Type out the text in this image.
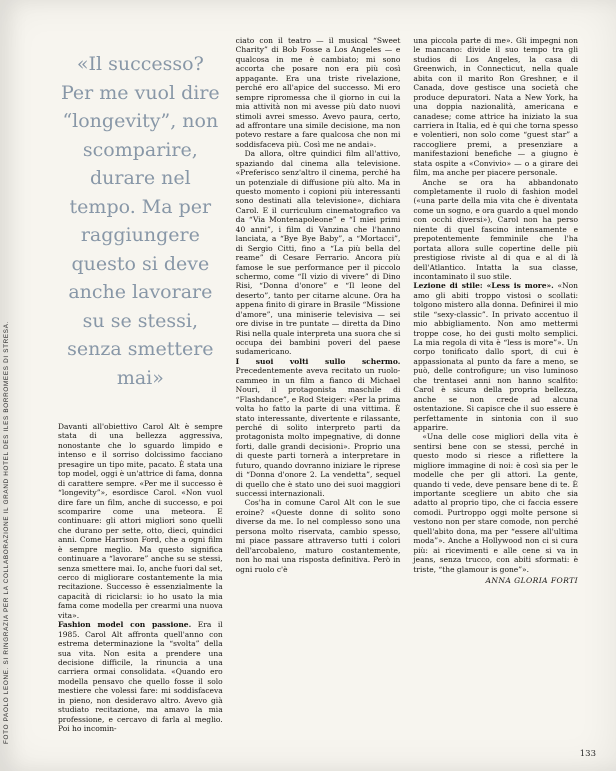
FOTO PAOLO LEONE. SI RINGRAZIA PER LA COLLABORAZIONE IL GRAND HOTEL DES ILES BORROMEES DI STRESA.
«Il successo? Per me vuol dire “longevity”, non scomparire, durare nel tempo. Ma per raggiungere questo si deve anche lavorare su se stessi, senza smettere mai»

Davanti all'obiettivo Carol Alt è sempre stata di una bellezza aggressiva, nonostante che lo sguardo limpido e intenso e il sorriso dolcissimo facciano presagire un tipo mite, pacato. È stata una top model, oggi è un'attrice di fama, donna di carattere sempre. «Per me il successo è “longevity”», esordisce Carol. «Non vuol dire fare un film, anche di successo, e poi scomparire come una meteora. E continuare: gli attori migliori sono quelli che durano per sette, otto, dieci, quindici anni. Come Harrison Ford, che a ogni film è sempre meglio. Ma questo significa continuare a “lavorare” anche su se stessi, senza smettere mai. Io, anche fuori dal set, cerco di migliorare costantemente la mia recitazione. Successo è essenzialmente la capacità di riciclarsi: io ho usato la mia fama come modella per crearmi una nuova vita».

Fashion model con passione. Era il 1985. Carol Alt affronta quell'anno con estrema determinazione la “svolta” della sua vita. Non esita a prendere una decisione difficile, la rinuncia a una carriera ormai consolidata. «Quando ero modella pensavo che quello fosse il solo mestiere che volessi fare: mi soddisfaceva in pieno, non desideravo altro. Avevo già studiato recitazione, ma amavo la mia professione, e cercavo di farla al meglio. Poi ho incomin-

ciato con il teatro — il musical “Sweet Charity” di Bob Fosse a Los Angeles — e qualcosa in me è cambiato; mi sono accorta che posare non era più così appagante. Era una triste rivelazione, perché ero all'apice del successo. Mi ero sempre ripromessa che il giorno in cui la mia attività non mi avesse più dato nuovi stimoli avrei smesso. Avevo paura, certo, ad affrontare una simile decisione, ma non potevo restare a fare qualcosa che non mi soddisfaceva più. Così me ne andai».

Da allora, oltre quindici film all'attivo, spaziando dal cinema alla televisione. «Preferisco senz'altro il cinema, perché ha un potenziale di diffusione più alto. Ma in questo momento i copioni più interessanti sono destinati alla televisione», dichiara Carol. E il curriculum cinematografico va da “Via Montenapoleone” e “I miei primi 40 anni”, i film di Vanzina che l'hanno lanciata, a “Bye Bye Baby”, a “Mortacci”, di Sergio Citti, fino a “La più bella del reame” di Cesare Ferrario. Ancora più famose le sue performance per il piccolo schermo, come “Il vizio di vivere” di Dino Risi, “Donna d'onore” e “Il leone del deserto”, tanto per citarne alcune. Ora ha appena finito di girare in Brasile “Missione d'amore”, una miniserie televisiva — sei ore divise in tre puntate — diretta da Dino Risi nella quale interpreta una suora che si occupa dei bambini poveri del paese sudamericano.

I suoi volti sullo schermo. Precedentemente aveva recitato un ruolo-cammeo in un film a fianco di Michael Nouri, il protagonista maschile di “Flashdance”, e Rod Steiger: «Per la prima volta ho fatto la parte di una vittima. È stato interessante, divertente e rilassante, perché di solito interpreto parti da protagonista molto impegnative, di donne forti, dalle grandi decisioni». Proprio una di queste parti tornerà a interpretare in futuro, quando dovranno iniziare le riprese di “Donna d'onore 2. La vendetta”, sequel di quello che è stato uno dei suoi maggiori successi internazionali.

Cos'ha in comune Carol Alt con le sue eroine? «Queste donne di solito sono diverse da me. Io nel complesso sono una persona molto riservata, cambio spesso, mi piace passare attraverso tutti i colori dell'arcobaleno, maturo costantemente, non ho mai una risposta definitiva. Però in ogni ruolo c'è

una piccola parte di me». Gli impegni non le mancano: divide il suo tempo tra gli studios di Los Angeles, la casa di Greenwich, in Connecticut, nella quale abita con il marito Ron Greshner, e il Canada, dove gestisce una società che produce depuratori. Nata a New York, ha una doppia nazionalità, americana e canadese; come attrice ha iniziato la sua carriera in Italia, ed è qui che torna spesso e volentieri, non solo come “guest star” a raccogliere premi, a presenziare a manifestazioni benefiche — a giugno è stata ospite a «Convivio» — o a girare dei film, ma anche per piacere personale.

Anche se ora ha abbandonato completamente il ruolo di fashion model («una parte della mia vita che è diventata come un sogno, e ora guardo a quel mondo con occhi diversi»), Carol non ha perso niente di quel fascino intensamente e prepotentemente femminile che l'ha portata allora sulle copertine delle più prestigiose riviste al di qua e al di là dell'Atlantico. Intatta la sua classe, incontaminato il suo stile.

Lezione di stile: «Less is more». «Non amo gli abiti troppo vistosi o scollati: tolgono mistero alla donna. Definirei il mio stile “sexy-classic”. In privato accentuo il mio abbigliamento. Non amo mettermi troppe cose, ho dei gusti molto semplici. La mia regola di vita è “less is more”». Un corpo tonificato dallo sport, di cui è appassionata al punto da fare a meno, se può, delle controfigure; un viso luminoso che trentasei anni non hanno scalfito: Carol è sicura della propria bellezza, anche se non crede ad alcuna ostentazione. Si capisce che il suo essere è perfettamente in sintonia con il suo apparire.

«Una delle cose migliori della vita è sentirsi bene con se stessi, perché in questo modo si riesce a riflettere la migliore immagine di noi: è così sia per le modelle che per gli attori. La gente, quando ti vede, deve pensare bene di te. È importante scegliere un abito che sia adatto al proprio tipo, che ci faccia essere comodi. Purtroppo oggi molte persone si vestono non per stare comode, non perché quell'abito dona, ma per “essere all'ultima moda”». Anche a Hollywood non ci si cura più: ai ricevimenti e alle cene si va in jeans, senza trucco, con abiti sformati: è triste, “the glamour is gone”».

ANNA GLORIA FORTI
133
